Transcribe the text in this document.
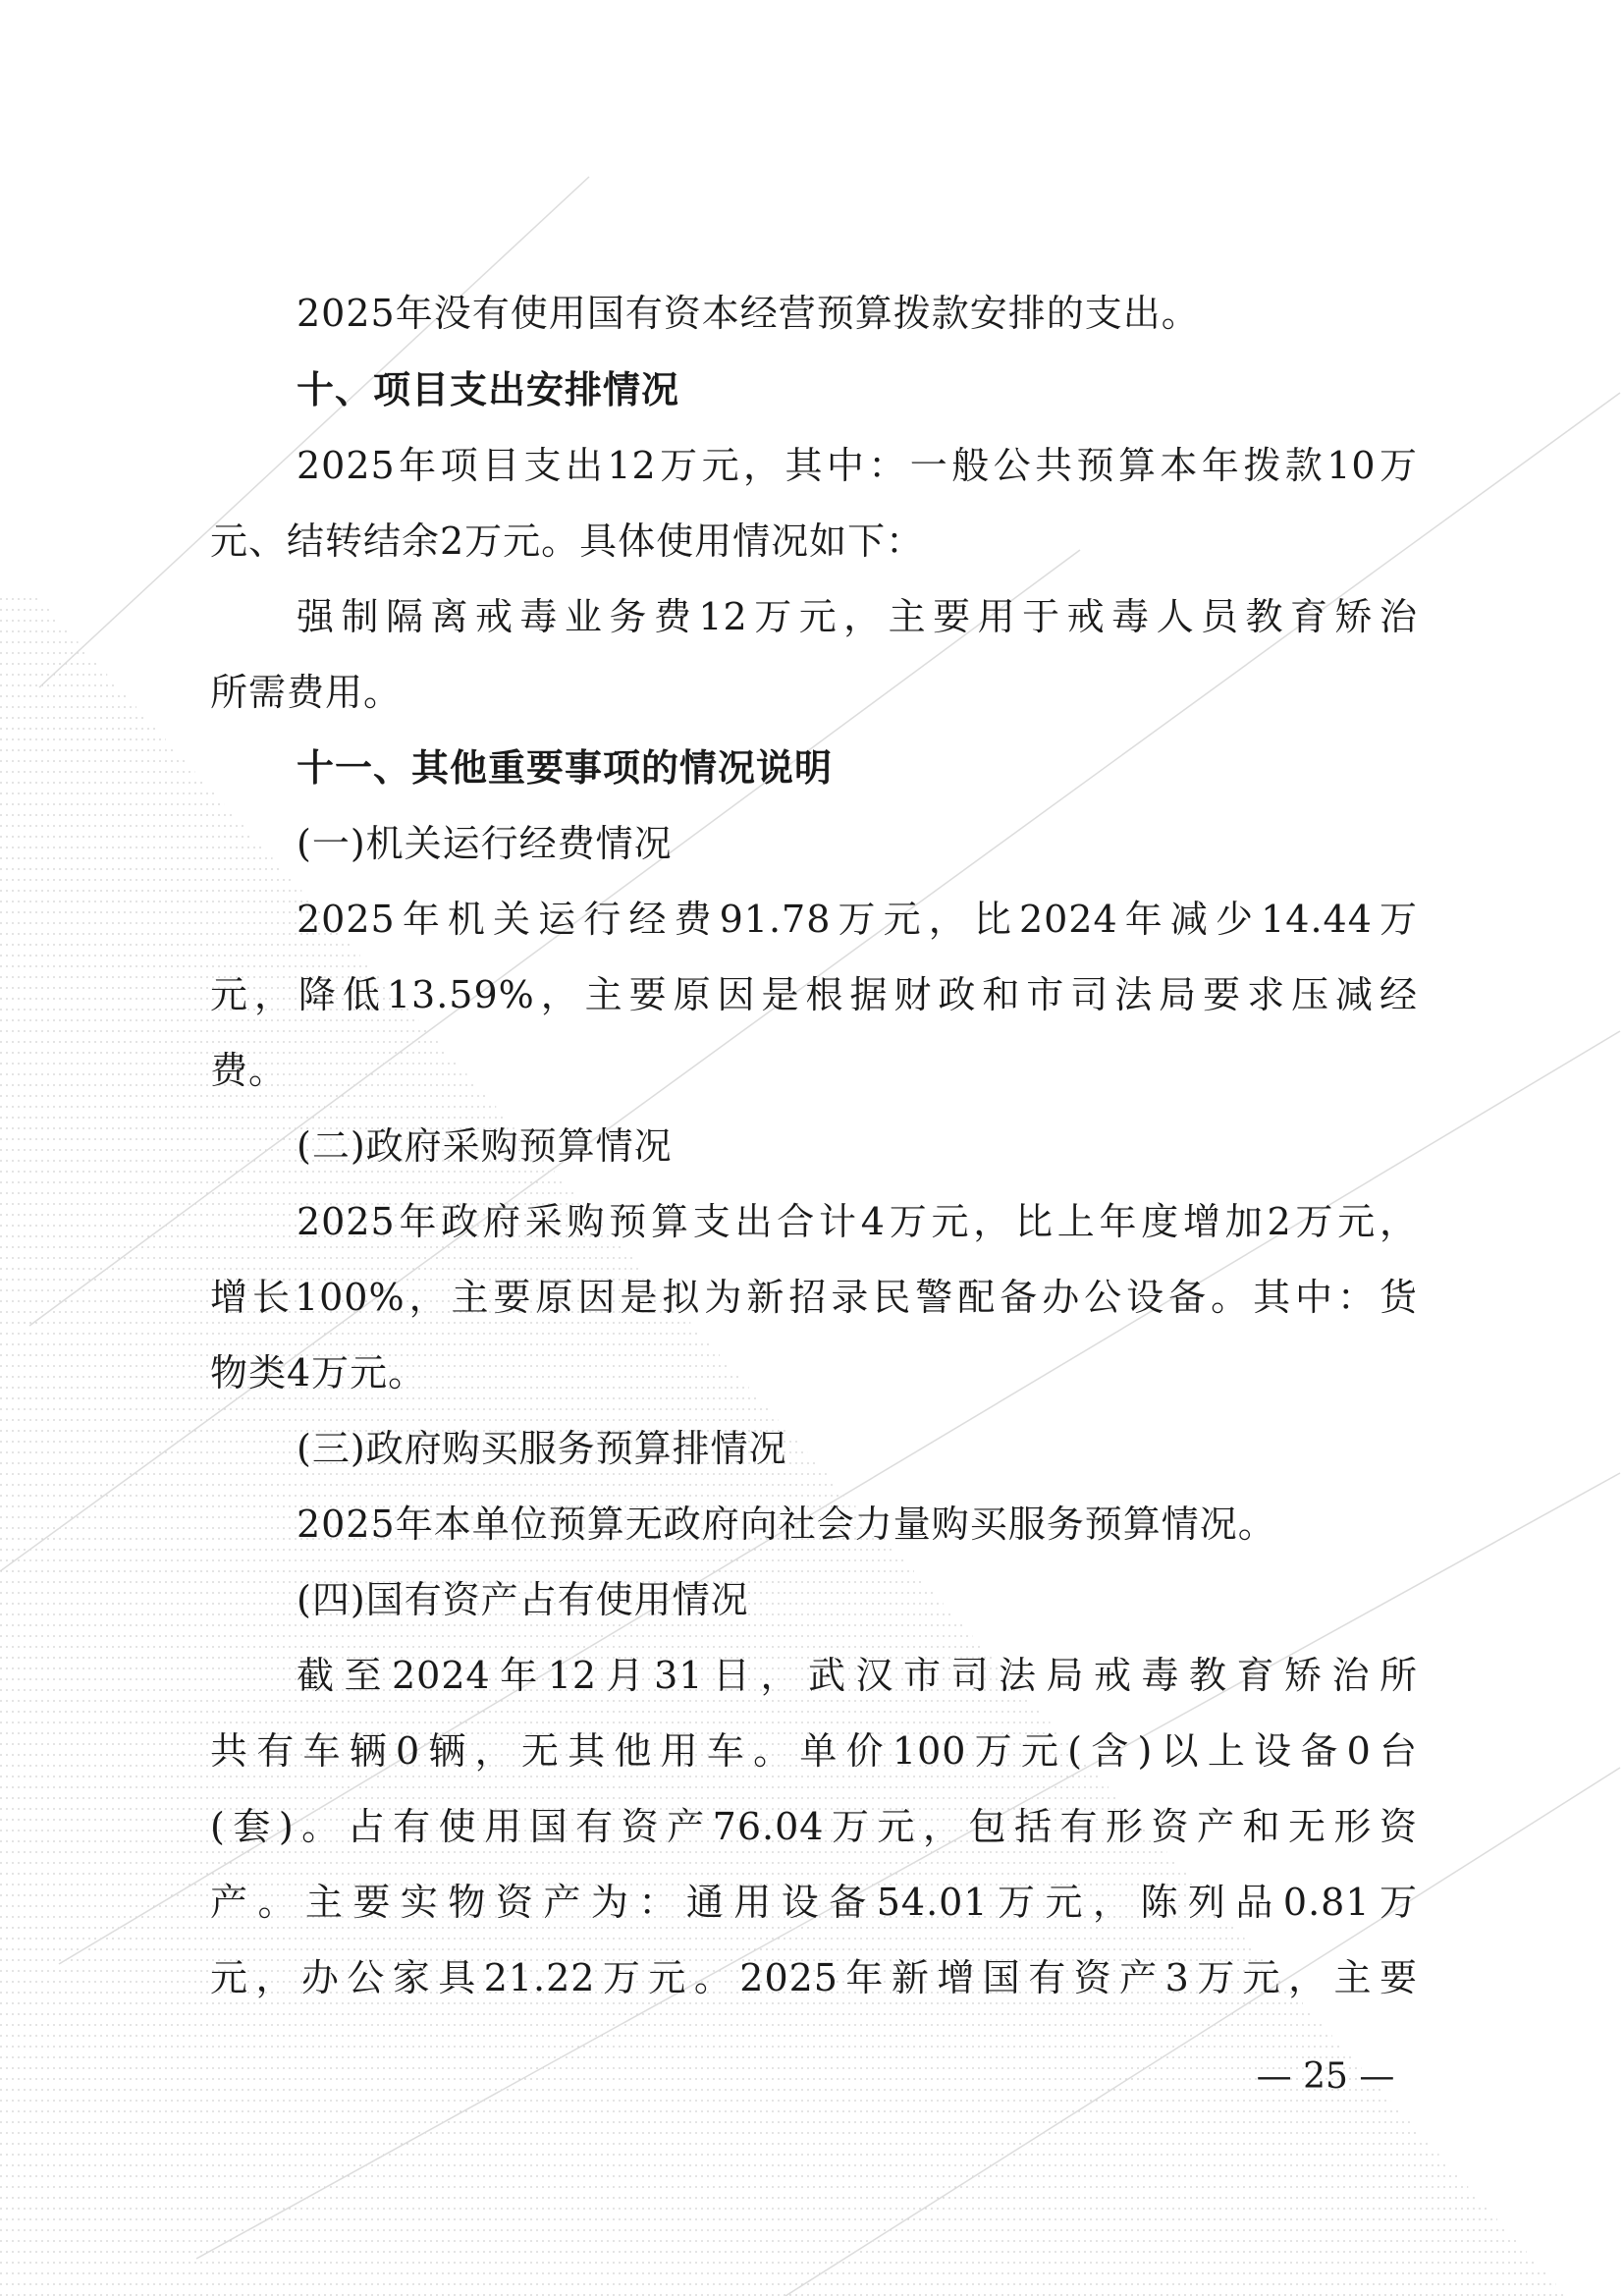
2025年没有使用国有资本经营预算拨款安排的支出。
十、项目支出安排情况
2025年项目支出12万元，其中：一般公共预算本年拨款10万
元、结转结余2万元。具体使用情况如下：
强制隔离戒毒业务费12万元，主要用于戒毒人员教育矫治
所需费用。
十一、其他重要事项的情况说明
(一)机关运行经费情况
2025年机关运行经费91.78万元，比2024年减少14.44万
元，降低13.59%，主要原因是根据财政和市司法局要求压减经
费。
(二)政府采购预算情况
2025年政府采购预算支出合计4万元，比上年度增加2万元，
增长100%，主要原因是拟为新招录民警配备办公设备。其中：货
物类4万元。
(三)政府购买服务预算排情况
2025年本单位预算无政府向社会力量购买服务预算情况。
(四)国有资产占有使用情况
截至2024年12月31日，武汉市司法局戒毒教育矫治所
共有车辆0辆，无其他用车。单价100万元(含)以上设备0台
(套)。占有使用国有资产76.04万元，包括有形资产和无形资
产。主要实物资产为：通用设备54.01万元，陈列品0.81万
元，办公家具21.22万元。2025年新增国有资产3万元，主要
— 25 —
